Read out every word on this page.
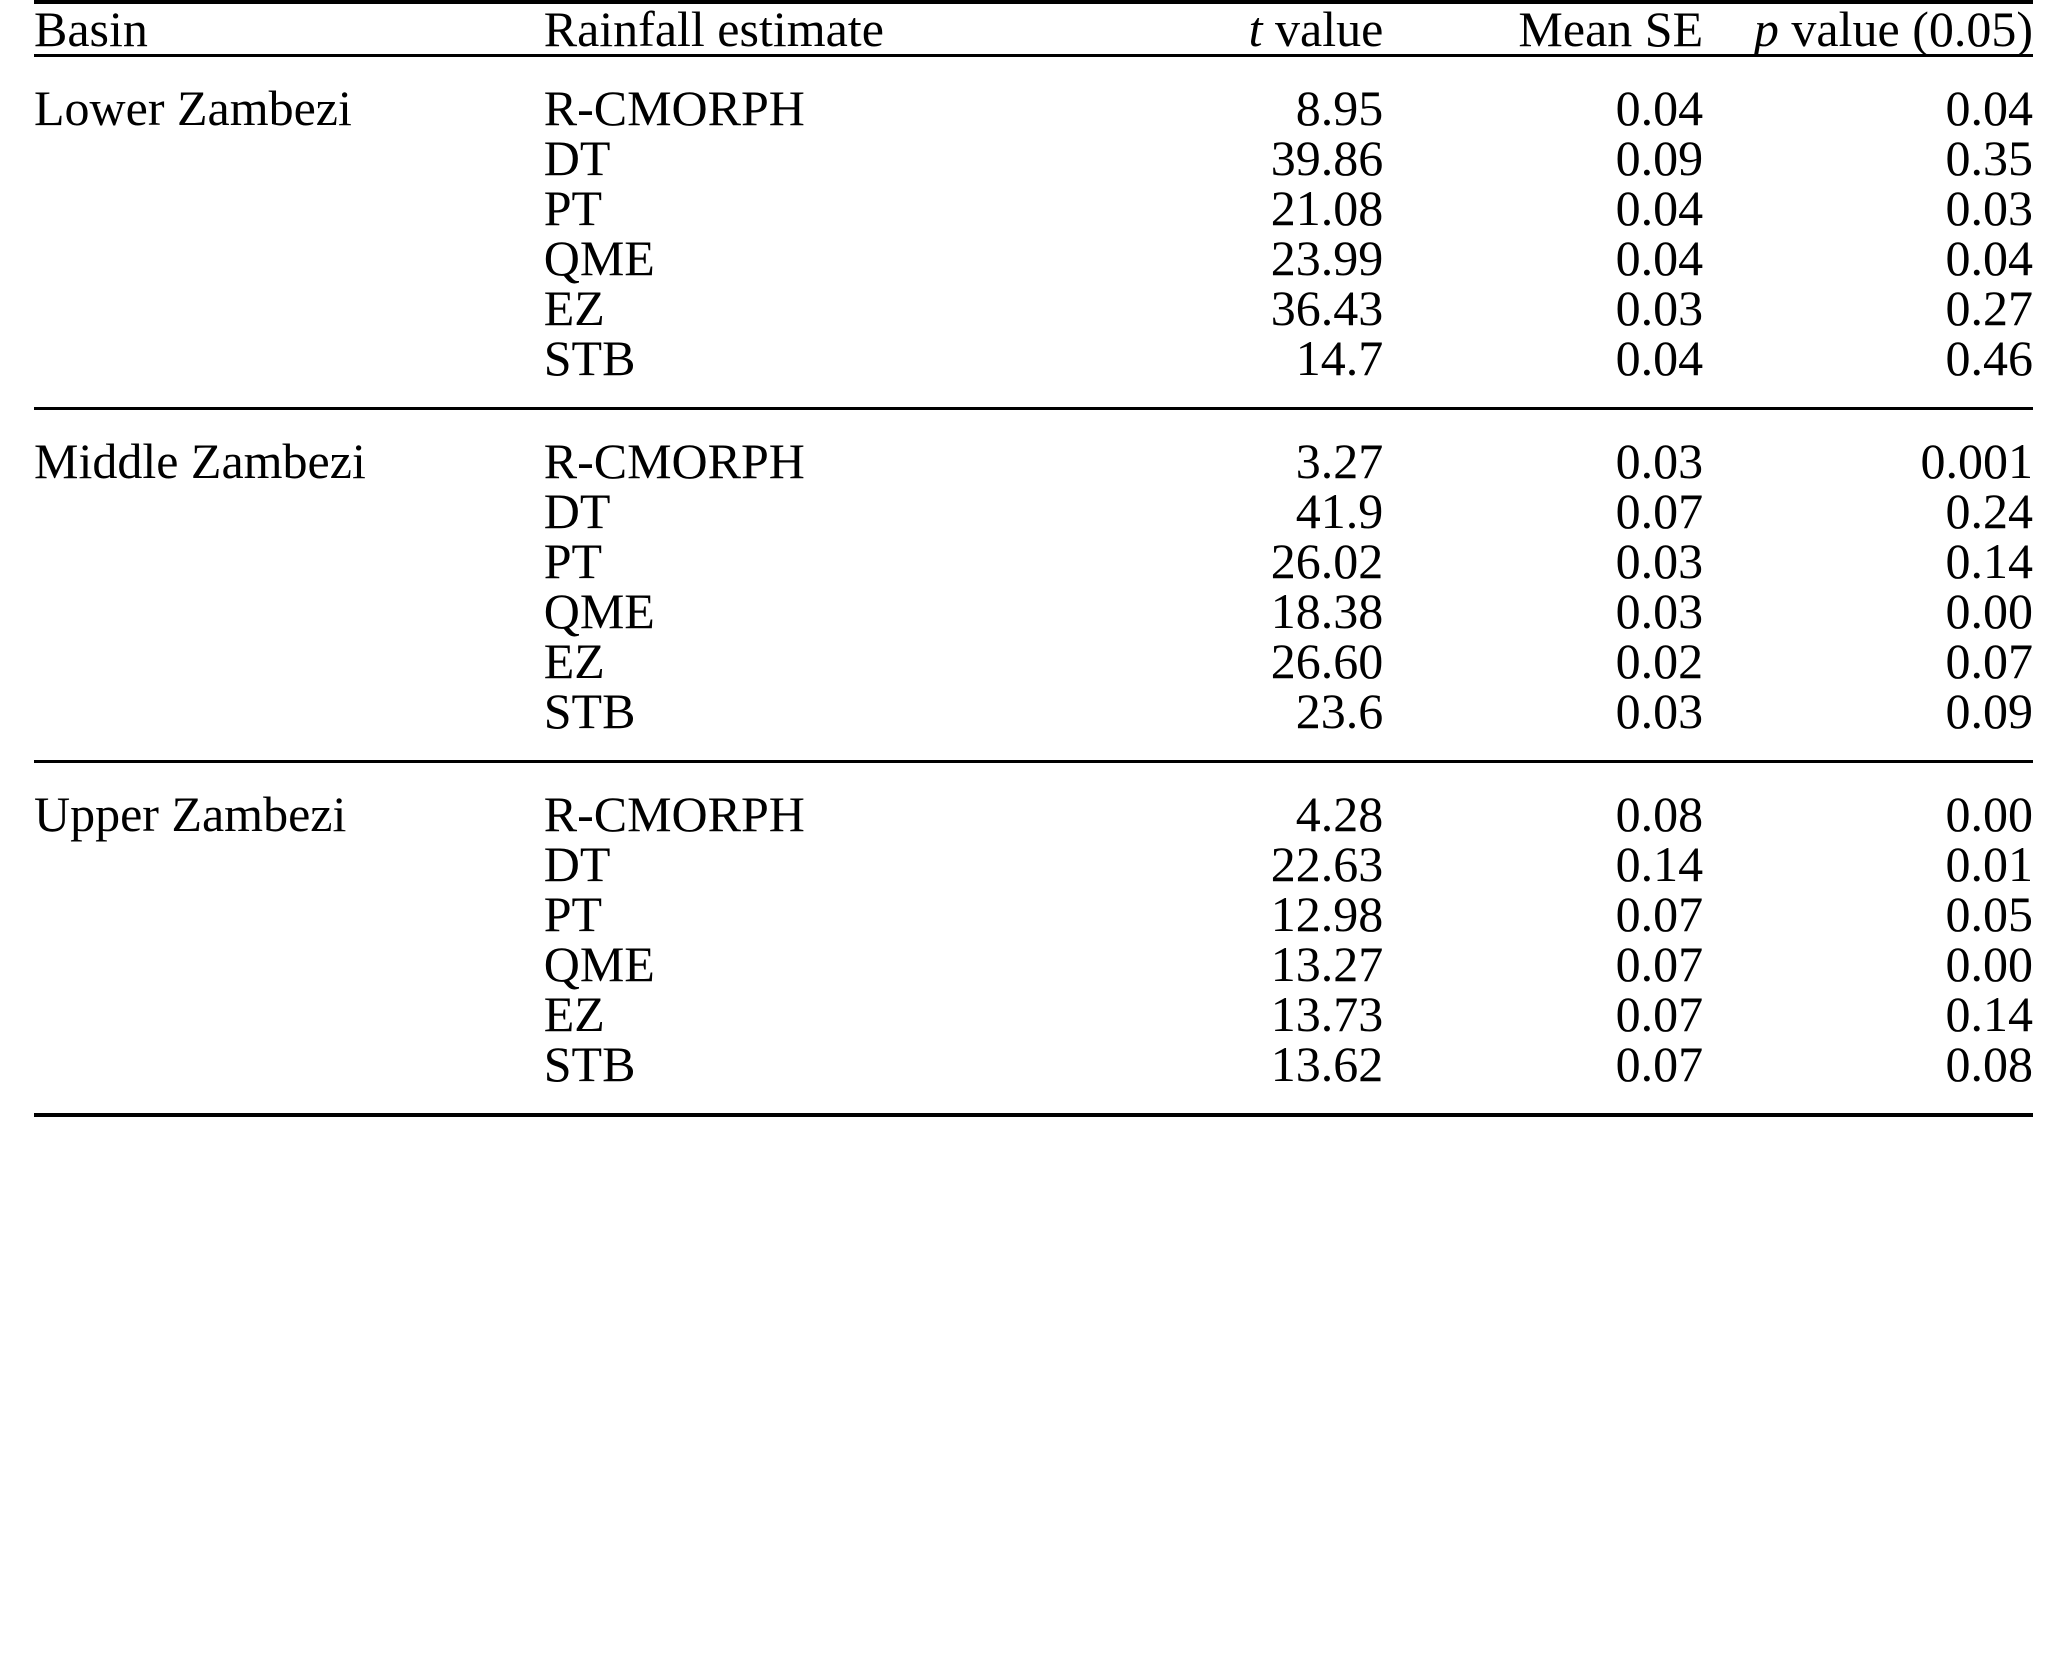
Basin	Rainfall estimate	t value	Mean SE	p value (0.05)
Lower Zambezi	R-CMORPH	8.95	0.04	0.04
	DT	39.86	0.09	0.35
	PT	21.08	0.04	0.03
	QME	23.99	0.04	0.04
	EZ	36.43	0.03	0.27
	STB	14.7	0.04	0.46

Middle Zambezi	R-CMORPH	3.27	0.03	0.001
	DT	41.9	0.07	0.24
	PT	26.02	0.03	0.14
	QME	18.38	0.03	0.00
	EZ	26.60	0.02	0.07
	STB	23.6	0.03	0.09

Upper Zambezi	R-CMORPH	4.28	0.08	0.00
	DT	22.63	0.14	0.01
	PT	12.98	0.07	0.05
	QME	13.27	0.07	0.00
	EZ	13.73	0.07	0.14
	STB	13.62	0.07	0.08
